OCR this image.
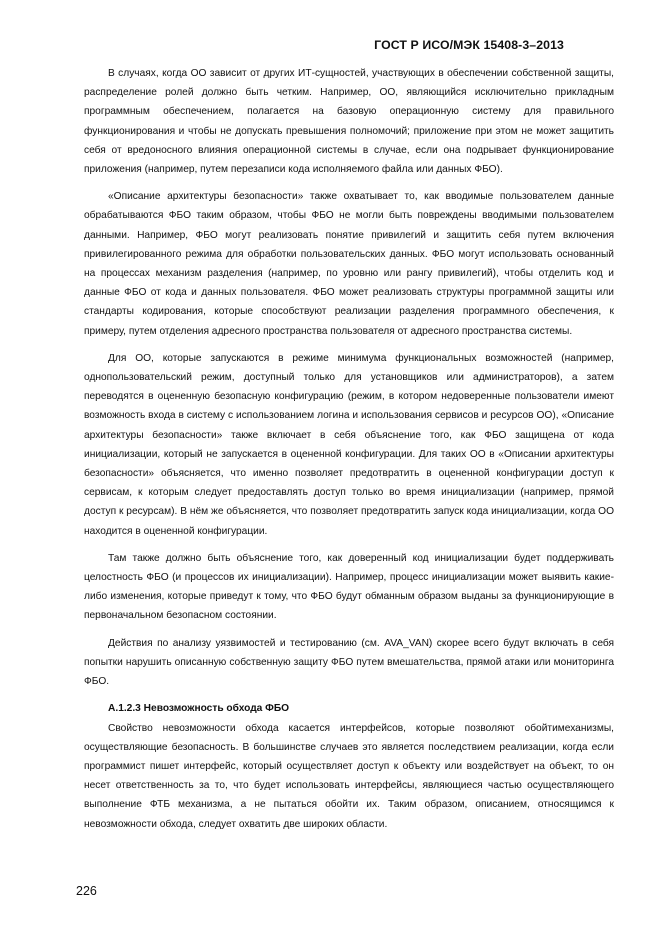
ГОСТ Р ИСО/МЭК 15408-3–2013

В случаях, когда ОО зависит от других ИТ-сущностей, участвующих в обеспечении собственной защиты, распределение ролей должно быть четким. Например, ОО, являющийся исключительно прикладным программным обеспечением, полагается на базовую операционную систему для правильного функционирования и чтобы не допускать превышения полномочий; приложение при этом не может защитить себя от вредоносного влияния операционной системы в случае, если она подрывает функционирование приложения (например, путем перезаписи кода исполняемого файла или данных ФБО).

«Описание архитектуры безопасности» также охватывает то, как вводимые пользователем данные обрабатываются ФБО таким образом, чтобы ФБО не могли быть повреждены вводимыми пользователем данными. Например, ФБО могут реализовать понятие привилегий и защитить себя путем включения привилегированного режима для обработки пользовательских данных. ФБО могут использовать основанный на процессах механизм разделения (например, по уровню или рангу привилегий), чтобы отделить код и данные ФБО от кода и данных пользователя. ФБО может реализовать структуры программной защиты или стандарты кодирования, которые способствуют реализации разделения программного обеспечения, к примеру, путем отделения адресного пространства пользователя от адресного пространства системы.

Для ОО, которые запускаются в режиме минимума функциональных возможностей (например, однопользовательский режим, доступный только для установщиков или администраторов), а затем переводятся в оцененную безопасную конфигурацию (режим, в котором недоверенные пользователи имеют возможность входа в систему с использованием логина и использования сервисов и ресурсов ОО), «Описание архитектуры безопасности» также включает в себя объяснение того, как ФБО защищена от кода инициализации, который не запускается в оцененной конфигурации. Для таких ОО в «Описании архитектуры безопасности» объясняется, что именно позволяет предотвратить в оцененной конфигурации доступ к сервисам, к которым следует предоставлять доступ только во время инициализации (например, прямой доступ к ресурсам). В нём же объясняется, что позволяет предотвратить запуск кода инициализации, когда ОО находится в оцененной конфигурации.

Там также должно быть объяснение того, как доверенный код инициализации будет поддерживать целостность ФБО (и процессов их инициализации). Например, процесс инициализации может выявить какие-либо изменения, которые приведут к тому, что ФБО будут обманным образом выданы за функционирующие в первоначальном безопасном состоянии.

Действия по анализу уязвимостей и тестированию (см. AVA_VAN) скорее всего будут включать в себя попытки нарушить описанную собственную защиту ФБО путем вмешательства, прямой атаки или мониторинга ФБО.

А.1.2.3 Невозможность обхода ФБО

Свойство невозможности обхода касается интерфейсов, которые позволяют обойтимеханизмы, осуществляющие безопасность. В большинстве случаев это является последствием реализации, когда если программист пишет интерфейс, который осуществляет доступ к объекту или воздействует на объект, то он несет ответственность за то, что будет использовать интерфейсы, являющиеся частью осуществляющего выполнение ФТБ механизма, а не пытаться обойти их. Таким образом, описанием, относящимся к невозможности обхода, следует охватить две широких области.

226
